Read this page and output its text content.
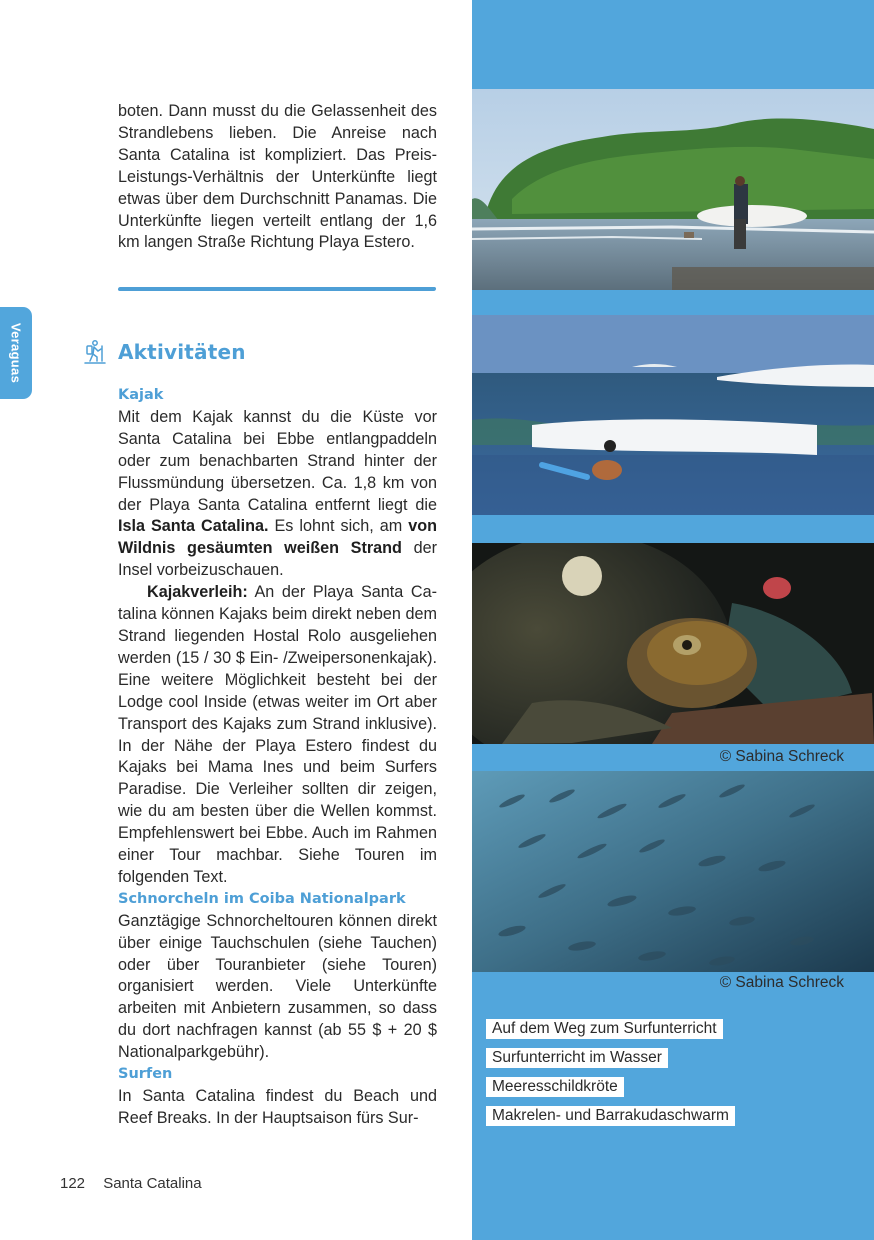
Veraguas

boten. Dann musst du die Gelassenheit des Strandlebens lieben. Die Anreise nach Santa Catalina ist kompliziert. Das Preis-Leistungs-Verhältnis der Unterkünfte liegt etwas über dem Durchschnitt Panamas. Die Unterkünfte liegen verteilt entlang der 1,6 km langen Straße Richtung Playa Estero.

Aktivitäten
Kajak

Mit dem Kajak kannst du die Küste vor Santa Catalina bei Ebbe entlangpaddeln oder zum benachbarten Strand hinter der Flussmündung übersetzen. Ca. 1,8 km von der Playa Santa Catalina entfernt liegt die Isla Santa Catalina. Es lohnt sich, am von Wildnis gesäumten weißen Strand der Insel vorbeizuschauen.

Kajakverleih: An der Playa Santa Catalina können Kajaks beim direkt neben dem Strand liegenden Hostal Rolo ausgeliehen werden (15 / 30 $ Ein- /Zweipersonenkajak). Eine weitere Möglichkeit besteht bei der Lodge cool Inside (etwas weiter im Ort aber Transport des Kajaks zum Strand inklusive). In der Nähe der Playa Estero findest du Kajaks bei Mama Ines und beim Surfers Paradise. Die Verleiher sollten dir zeigen, wie du am besten über die Wellen kommst. Empfehlenswert bei Ebbe. Auch im Rahmen einer Tour machbar. Siehe Touren im folgenden Text.

Schnorcheln im Coiba Nationalpark

Ganztägige Schnorcheltouren können direkt über einige Tauchschulen (siehe Tauchen) oder über Touranbieter (siehe Touren) organisiert werden. Viele Unterkünfte arbeiten mit Anbietern zusammen, so dass du dort nachfragen kannst (ab 55 $ + 20 $ Nationalparkgebühr).

Surfen

In Santa Catalina findest du Beach und Reef Breaks. In der Hauptsaison fürs Sur-

122 Santa Catalina
© Sabina Schreck
© Sabina Schreck
Auf dem Weg zum Surfunterricht
Surfunterricht im Wasser
Meeresschildkröte
Makrelen- und Barrakudaschwarm
